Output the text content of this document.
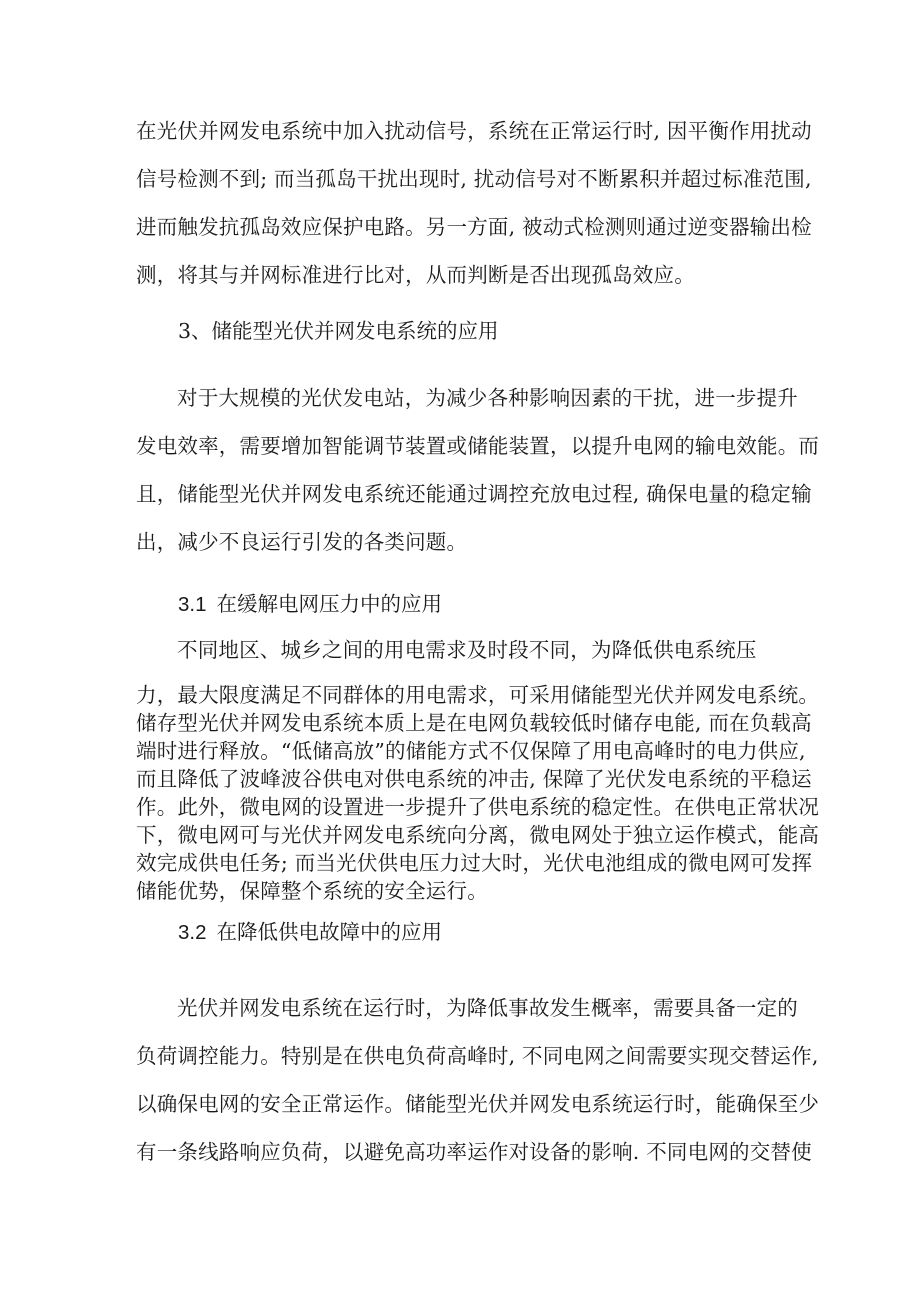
在光伏并网发电系统中加入扰动信号，系统在正常运行时, 因平衡作用扰动
信号检测不到; 而当孤岛干扰出现时, 扰动信号对不断累积并超过标准范围,
进而触发抗孤岛效应保护电路。另一方面, 被动式检测则通过逆变器输出检
测，将其与并网标准进行比对，从而判断是否出现孤岛效应。
3、储能型光伏并网发电系统的应用
对于大规模的光伏发电站，为减少各种影响因素的干扰，进一步提升
发电效率，需要增加智能调节装置或储能装置，以提升电网的输电效能。而
且，储能型光伏并网发电系统还能通过调控充放电过程, 确保电量的稳定输
出，减少不良运行引发的各类问题。
3.1 在缓解电网压力中的应用
不同地区、城乡之间的用电需求及时段不同，为降低供电系统压
力，最大限度满足不同群体的用电需求，可采用储能型光伏并网发电系统。
储存型光伏并网发电系统本质上是在电网负载较低时储存电能, 而在负载高
端时进行释放。“低储高放”的储能方式不仅保障了用电高峰时的电力供应,
而且降低了波峰波谷供电对供电系统的冲击, 保障了光伏发电系统的平稳运
作。此外，微电网的设置进一步提升了供电系统的稳定性。在供电正常状况
下，微电网可与光伏并网发电系统向分离，微电网处于独立运作模式，能高
效完成供电任务; 而当光伏供电压力过大时，光伏电池组成的微电网可发挥
储能优势，保障整个系统的安全运行。
3.2 在降低供电故障中的应用
光伏并网发电系统在运行时，为降低事故发生概率，需要具备一定的
负荷调控能力。特别是在供电负荷高峰时, 不同电网之间需要实现交替运作,
以确保电网的安全正常运作。储能型光伏并网发电系统运行时，能确保至少
有一条线路响应负荷，以避免高功率运作对设备的影响. 不同电网的交替使
